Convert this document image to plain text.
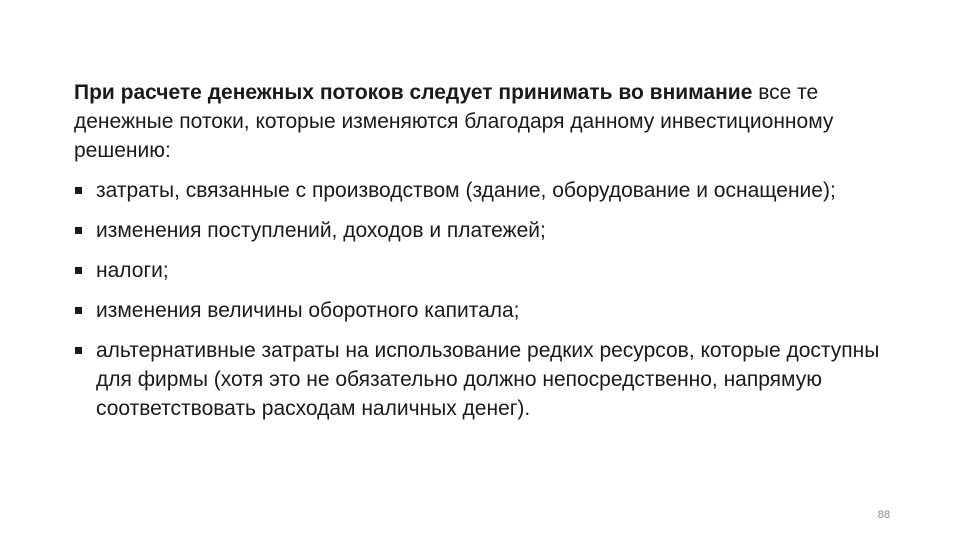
При расчете денежных потоков следует принимать во внимание все те денежные потоки, которые изменяются благодаря данному инвестиционному решению:

затраты, связанные с производством (здание, оборудование и оснащение);
изменения поступлений, доходов и платежей;
налоги;
изменения величины оборотного капитала;
альтернативные затраты на использование редких ресурсов, которые доступны для фирмы (хотя это не обязательно должно непосредственно, напрямую соответствовать расходам наличных денег).
88
